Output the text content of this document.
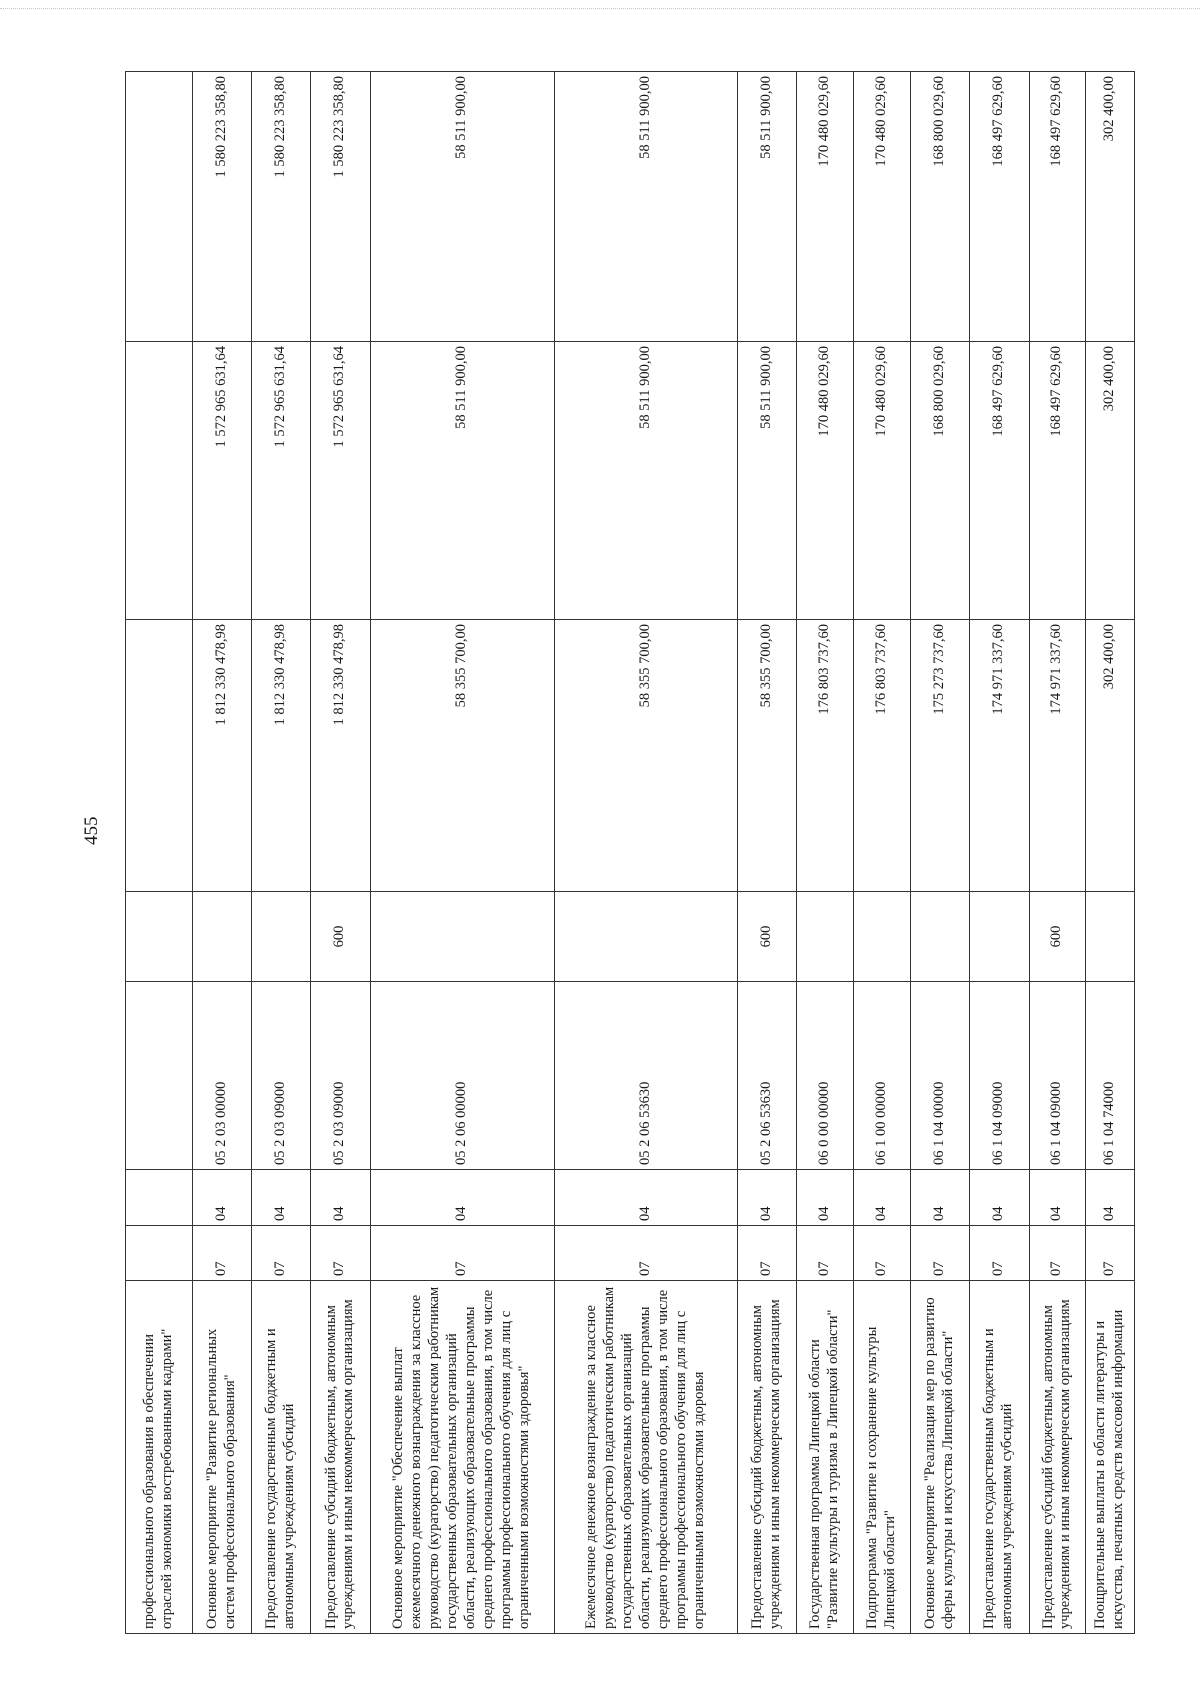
455
профессионального образования в обеспечении отраслей экономики востребованными кадрами"							
Основное мероприятие "Развитие региональных систем профессионального образования"	07	04	05 2 03 00000		1 812 330 478,98	1 572 965 631,64	1 580 223 358,80
Предоставление государственным бюджетным и автономным учреждениям субсидий	07	04	05 2 03 09000		1 812 330 478,98	1 572 965 631,64	1 580 223 358,80
Предоставление субсидий бюджетным, автономным учреждениям и иным некоммерческим организациям	07	04	05 2 03 09000	600	1 812 330 478,98	1 572 965 631,64	1 580 223 358,80
Основное мероприятие "Обеспечение выплат ежемесячного денежного вознаграждения за классное руководство (кураторство) педагогическим работникам государственных образовательных организаций области, реализующих образовательные программы среднего профессионального образования, в том числе программы профессионального обучения для лиц с ограниченными возможностями здоровья"	07	04	05 2 06 00000		58 355 700,00	58 511 900,00	58 511 900,00
Ежемесячное денежное вознаграждение за классное руководство (кураторство) педагогическим работникам государственных образовательных организаций области, реализующих образовательные программы среднего профессионального образования, в том числе программы профессионального обучения для лиц с ограниченными возможностями здоровья	07	04	05 2 06 53630		58 355 700,00	58 511 900,00	58 511 900,00
Предоставление субсидий бюджетным, автономным учреждениям и иным некоммерческим организациям	07	04	05 2 06 53630	600	58 355 700,00	58 511 900,00	58 511 900,00
Государственная программа Липецкой области "Развитие культуры и туризма в Липецкой области"	07	04	06 0 00 00000		176 803 737,60	170 480 029,60	170 480 029,60
Подпрограмма "Развитие и сохранение культуры Липецкой области"	07	04	06 1 00 00000		176 803 737,60	170 480 029,60	170 480 029,60
Основное мероприятие "Реализация мер по развитию сферы культуры и искусства Липецкой области"	07	04	06 1 04 00000		175 273 737,60	168 800 029,60	168 800 029,60
Предоставление государственным бюджетным и автономным учреждениям субсидий	07	04	06 1 04 09000		174 971 337,60	168 497 629,60	168 497 629,60
Предоставление субсидий бюджетным, автономным учреждениям и иным некоммерческим организациям	07	04	06 1 04 09000	600	174 971 337,60	168 497 629,60	168 497 629,60
Поощрительные выплаты в области литературы и искусства, печатных средств массовой информации	07	04	06 1 04 74000		302 400,00	302 400,00	302 400,00
